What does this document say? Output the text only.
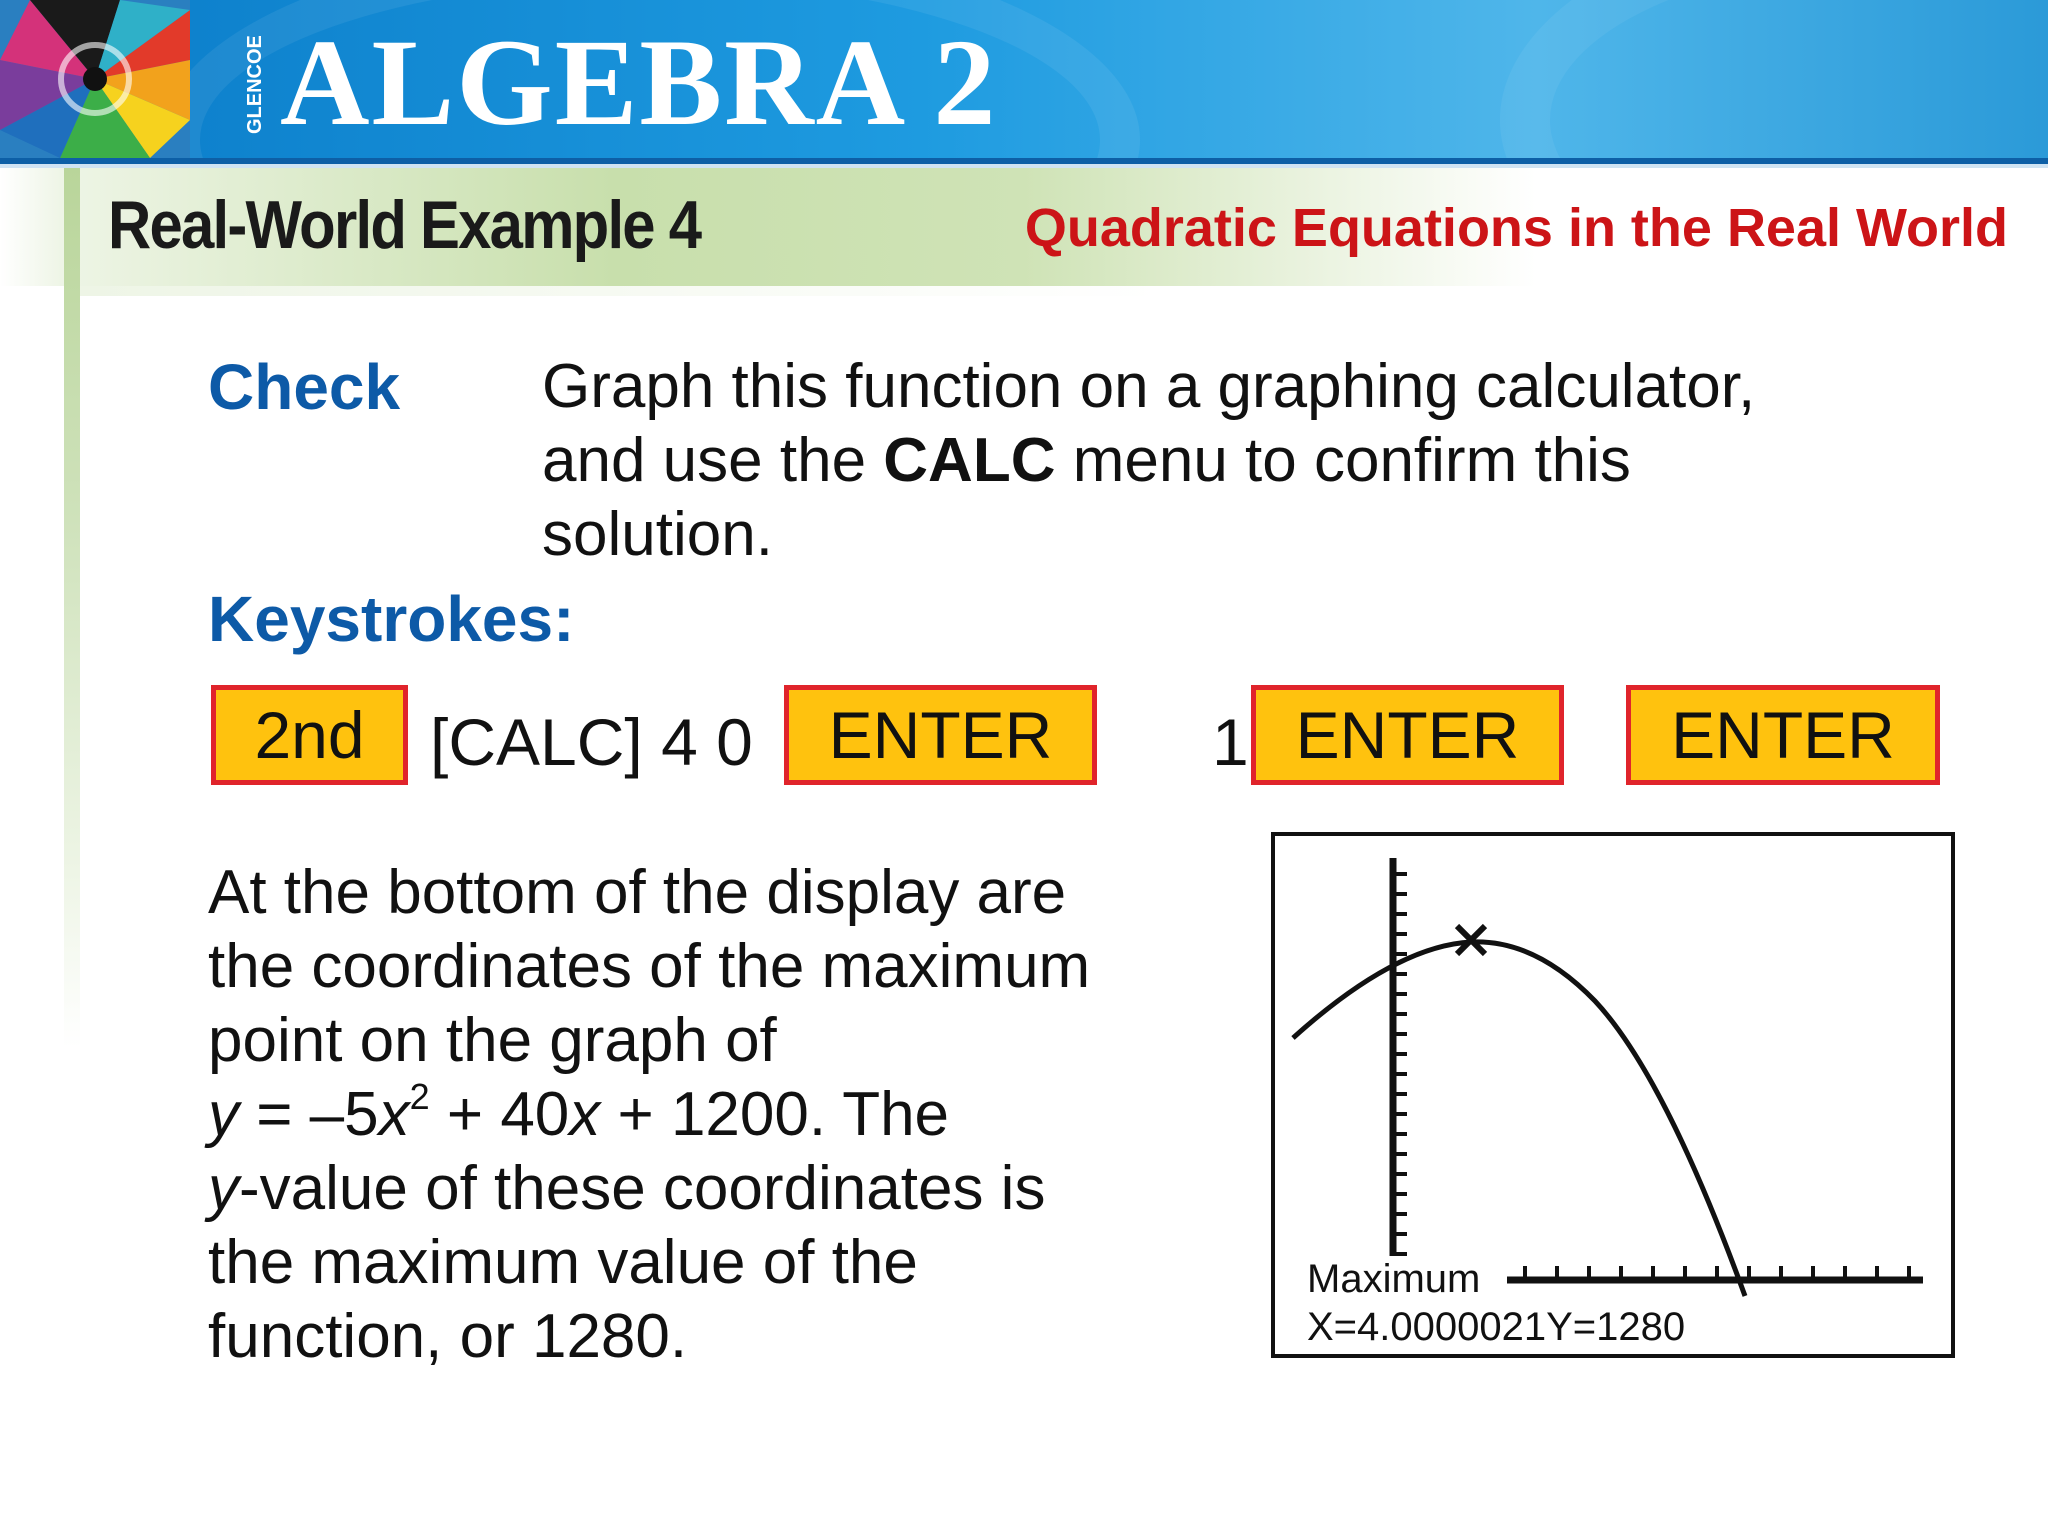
GLENCOE ALGEBRA 2
Real-World Example 4	Quadratic Equations in the Real World
Check Graph this function on a graphing calculator,
and use the CALC menu to confirm this
solution.
Keystrokes:
2nd [CALC] 4 0	ENTER	1 ENTER	ENTER
At the bottom of the display are
the coordinates of the maximum
point on the graph of
$y = -5x^2 + 40x + 1200$. The
y-value of these coordinates is
the maximum value of the
function, or 1280.
Maximum
X=4.0000021Y=1280
